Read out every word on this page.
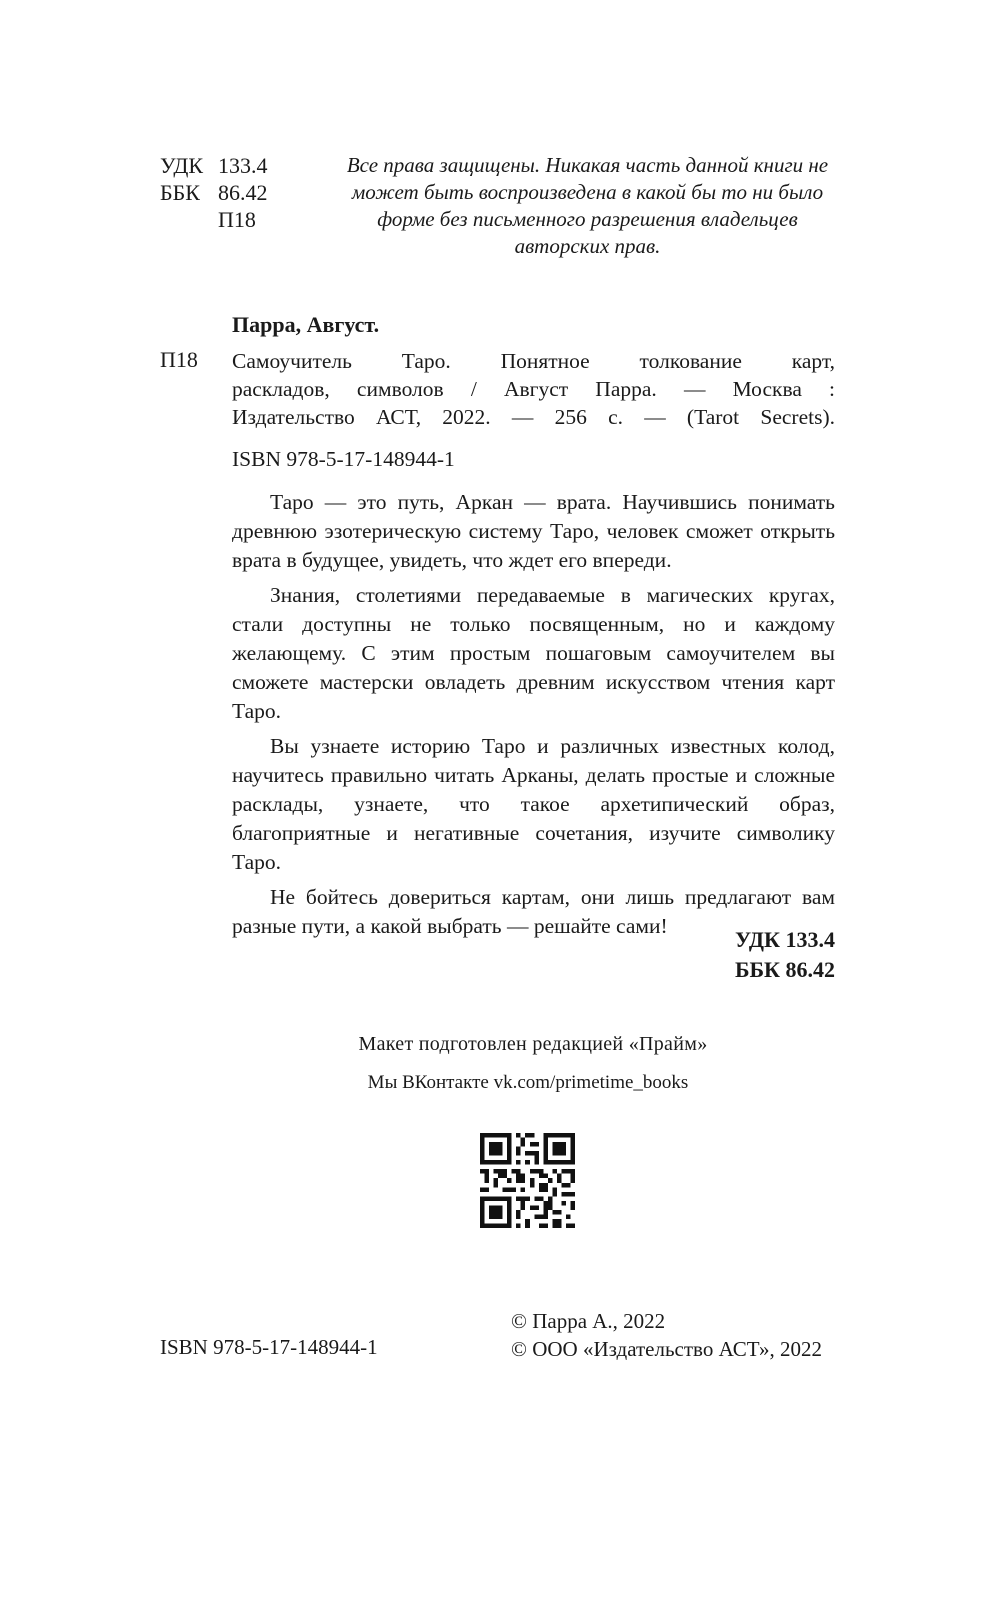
УДК 133.4
ББК 86.42
П18
Все права защищены. Никакая часть данной книги не может быть воспроизведена в какой бы то ни было форме без письменного разрешения владельцев авторских прав.
Парра, Август.
П18 Самоучитель Таро. Понятное толкование карт,
раскладов, символов / Август Парра. — Москва :
Издательство АСТ, 2022. — 256 с. — (Tarot Secrets).
ISBN 978-5-17-148944-1

Таро — это путь, Аркан — врата. Научившись понимать древнюю эзотерическую систему Таро, человек сможет открыть врата в будущее, увидеть, что ждет его впереди.

Знания, столетиями передаваемые в магических кругах, стали доступны не только посвященным, но и каждому желающему. С этим простым пошаговым самоучителем вы сможете мастерски овладеть древним искусством чтения карт Таро.

Вы узнаете историю Таро и различных известных колод, научитесь правильно читать Арканы, делать простые и сложные расклады, узнаете, что такое архетипический образ, благоприятные и негативные сочетания, изучите символику Таро.

Не бойтесь довериться картам, они лишь предлагают вам разные пути, а какой выбрать — решайте сами!

УДК 133.4
ББК 86.42
Макет подготовлен редакцией «Прайм»
Мы ВКонтакте vk.com/primetime_books
© Парра А., 2022
© ООО «Издательство АСТ», 2022
ISBN 978-5-17-148944-1
